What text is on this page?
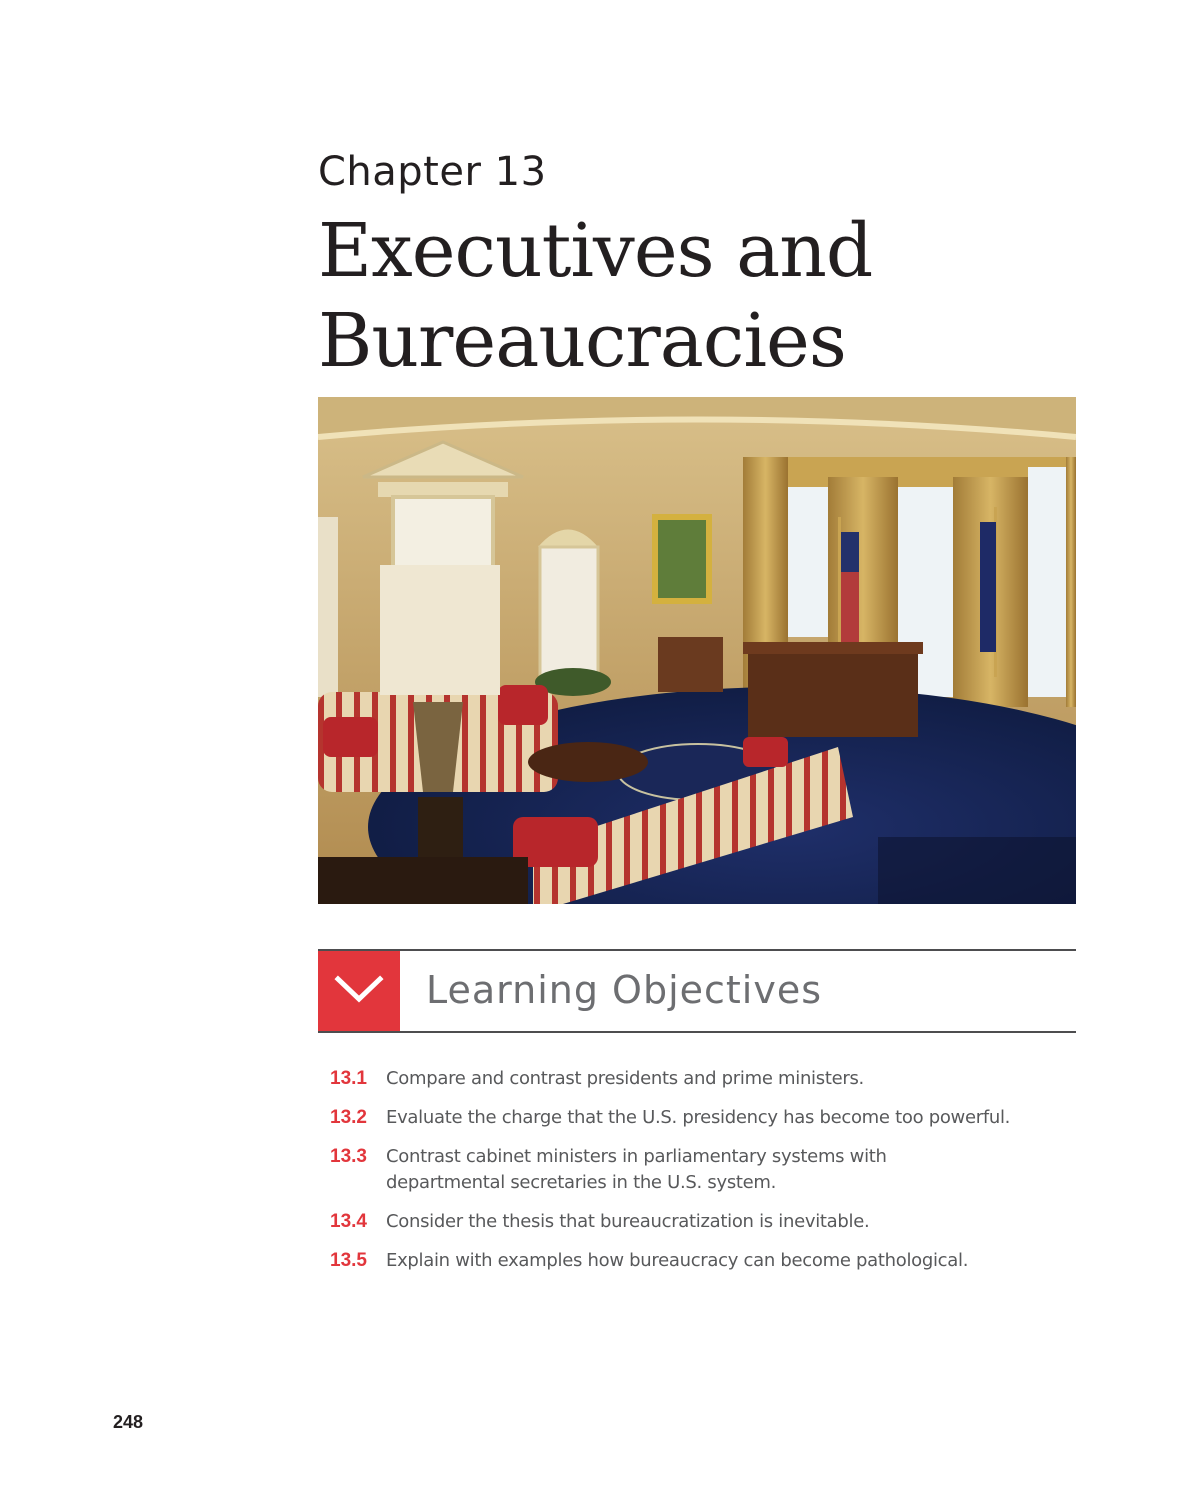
Chapter 13
Executives and
Bureaucracies
Learning Objectives
13.1	Compare and contrast presidents and prime ministers.
13.2	Evaluate the charge that the U.S. presidency has become too powerful.
13.3	Contrast cabinet ministers in parliamentary systems with departmental secretaries in the U.S. system.
13.4	Consider the thesis that bureaucratization is inevitable.
13.5	Explain with examples how bureaucracy can become pathological.
248
